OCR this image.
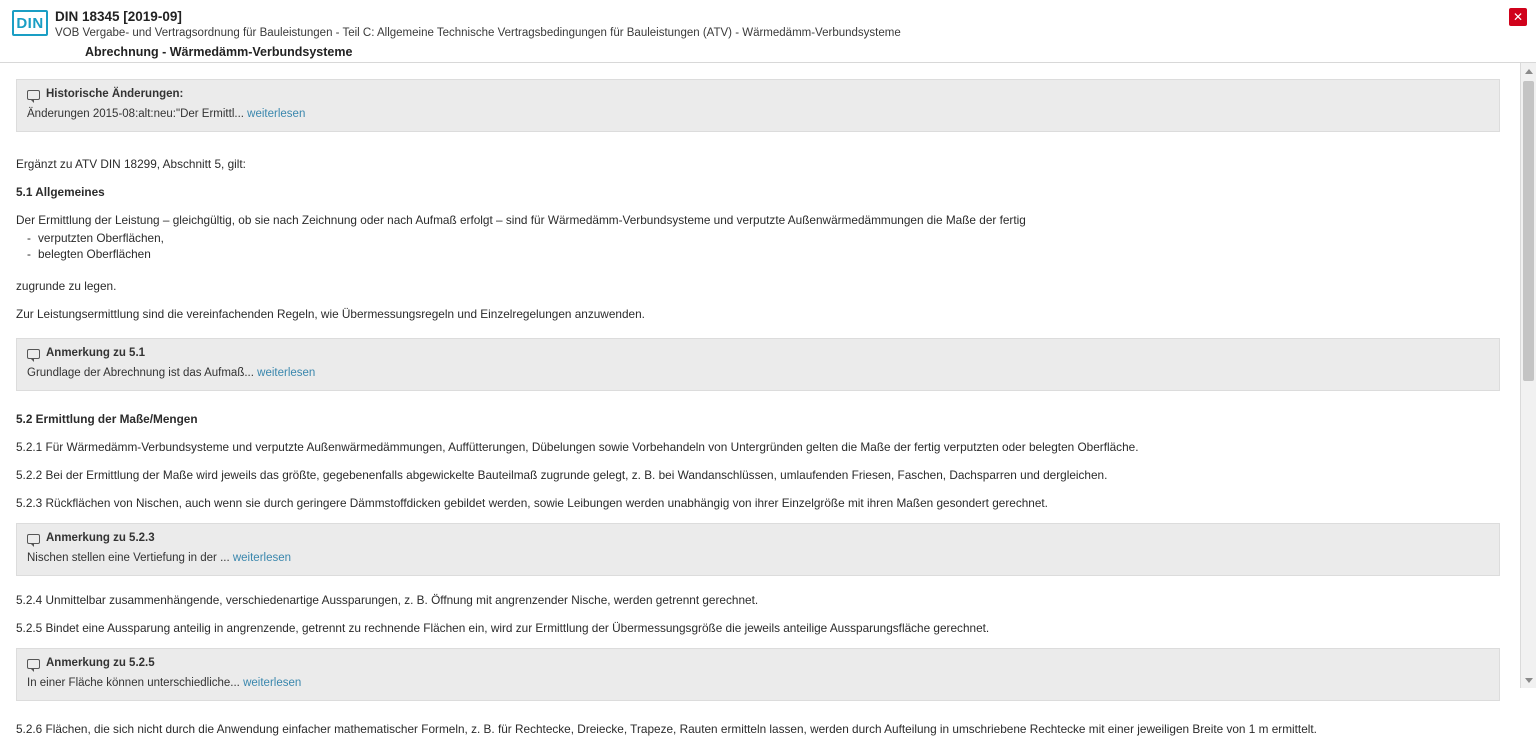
DIN DIN 18345 [2019-09]
VOB Vergabe- und Vertragsordnung für Bauleistungen - Teil C: Allgemeine Technische Vertragsbedingungen für Bauleistungen (ATV) - Wärmedämm-Verbundsysteme
Abrechnung - Wärmedämm-Verbundsysteme
✕
Historische Änderungen:
Änderungen 2015-08:alt:neu:"Der Ermittl... weiterlesen

Ergänzt zu ATV DIN 18299, Abschnitt 5, gilt:

5.1 Allgemeines

Der Ermittlung der Leistung – gleichgültig, ob sie nach Zeichnung oder nach Aufmaß erfolgt – sind für Wärmedämm-Verbundsysteme und verputzte Außenwärmedämmungen die Maße der fertig

- verputzten Oberflächen,
- belegten Oberflächen

zugrunde zu legen.

Zur Leistungsermittlung sind die vereinfachenden Regeln, wie Übermessungsregeln und Einzelregelungen anzuwenden.

Anmerkung zu 5.1
Grundlage der Abrechnung ist das Aufmaß... weiterlesen

5.2 Ermittlung der Maße/Mengen

5.2.1 Für Wärmedämm-Verbundsysteme und verputzte Außenwärmedämmungen, Auffütterungen, Dübelungen sowie Vorbehandeln von Untergründen gelten die Maße der fertig verputzten oder belegten Oberfläche.

5.2.2 Bei der Ermittlung der Maße wird jeweils das größte, gegebenenfalls abgewickelte Bauteilmaß zugrunde gelegt, z. B. bei Wandanschlüssen, umlaufenden Friesen, Faschen, Dachsparren und dergleichen.

5.2.3 Rückflächen von Nischen, auch wenn sie durch geringere Dämmstoffdicken gebildet werden, sowie Leibungen werden unabhängig von ihrer Einzelgröße mit ihren Maßen gesondert gerechnet.

Anmerkung zu 5.2.3
Nischen stellen eine Vertiefung in der ... weiterlesen

5.2.4 Unmittelbar zusammenhängende, verschiedenartige Aussparungen, z. B. Öffnung mit angrenzender Nische, werden getrennt gerechnet.

5.2.5 Bindet eine Aussparung anteilig in angrenzende, getrennt zu rechnende Flächen ein, wird zur Ermittlung der Übermessungsgröße die jeweils anteilige Aussparungsfläche gerechnet.

Anmerkung zu 5.2.5
In einer Fläche können unterschiedliche... weiterlesen

5.2.6 Flächen, die sich nicht durch die Anwendung einfacher mathematischer Formeln, z. B. für Rechtecke, Dreiecke, Trapeze, Rauten ermitteln lassen, werden durch Aufteilung in umschriebene Rechtecke mit einer jeweiligen Breite von 1 m ermittelt.
